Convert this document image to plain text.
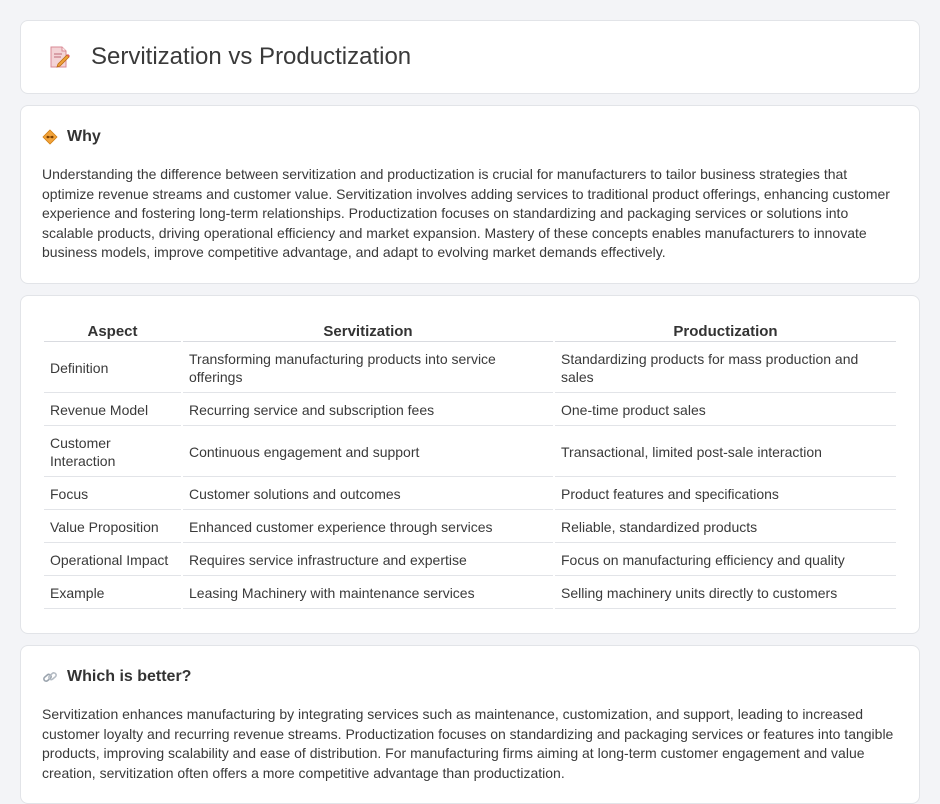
Servitization vs Productization
Why

Understanding the difference between servitization and productization is crucial for manufacturers to tailor business strategies that optimize revenue streams and customer value. Servitization involves adding services to traditional product offerings, enhancing customer experience and fostering long-term relationships. Productization focuses on standardizing and packaging services or solutions into scalable products, driving operational efficiency and market expansion. Mastery of these concepts enables manufacturers to innovate business models, improve competitive advantage, and adapt to evolving market demands effectively.

Aspect	Servitization	Productization
Definition	Transforming manufacturing products into service offerings	Standardizing products for mass production and sales
Revenue Model	Recurring service and subscription fees	One-time product sales
Customer Interaction	Continuous engagement and support	Transactional, limited post-sale interaction
Focus	Customer solutions and outcomes	Product features and specifications
Value Proposition	Enhanced customer experience through services	Reliable, standardized products
Operational Impact	Requires service infrastructure and expertise	Focus on manufacturing efficiency and quality
Example	Leasing Machinery with maintenance services	Selling machinery units directly to customers
Which is better?

Servitization enhances manufacturing by integrating services such as maintenance, customization, and support, leading to increased customer loyalty and recurring revenue streams. Productization focuses on standardizing and packaging services or features into tangible products, improving scalability and ease of distribution. For manufacturing firms aiming at long-term customer engagement and value creation, servitization often offers a more competitive advantage than productization.
